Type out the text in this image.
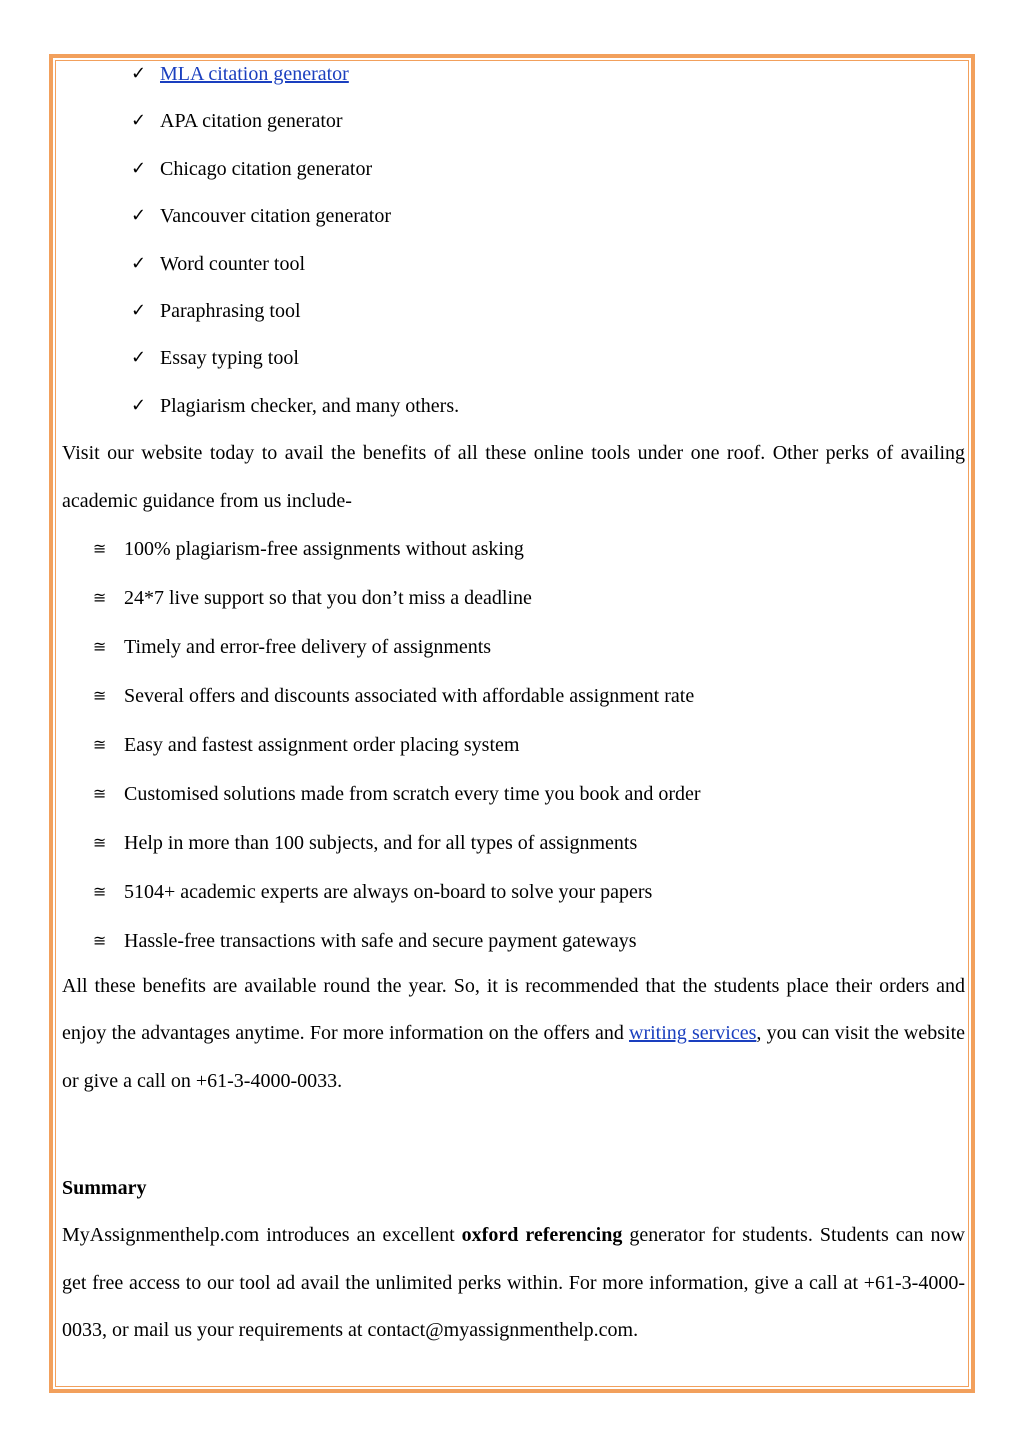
✓ MLA citation generator
✓ APA citation generator
✓ Chicago citation generator
✓ Vancouver citation generator
✓ Word counter tool
✓ Paraphrasing tool
✓ Essay typing tool
✓ Plagiarism checker, and many others.

Visit our website today to avail the benefits of all these online tools under one roof. Other perks of availing academic guidance from us include-

≅ 100% plagiarism-free assignments without asking
≅ 24*7 live support so that you don’t miss a deadline
≅ Timely and error-free delivery of assignments
≅ Several offers and discounts associated with affordable assignment rate
≅ Easy and fastest assignment order placing system
≅ Customised solutions made from scratch every time you book and order
≅ Help in more than 100 subjects, and for all types of assignments
≅ 5104+ academic experts are always on-board to solve your papers
≅ Hassle-free transactions with safe and secure payment gateways

All these benefits are available round the year. So, it is recommended that the students place their orders and enjoy the advantages anytime. For more information on the offers and writing services, you can visit the website or give a call on +61-3-4000-0033.

Summary

MyAssignmenthelp.com introduces an excellent oxford referencing generator for students. Students can now get free access to our tool ad avail the unlimited perks within. For more information, give a call at +61-3-4000-0033, or mail us your requirements at contact@myassignmenthelp.com.
